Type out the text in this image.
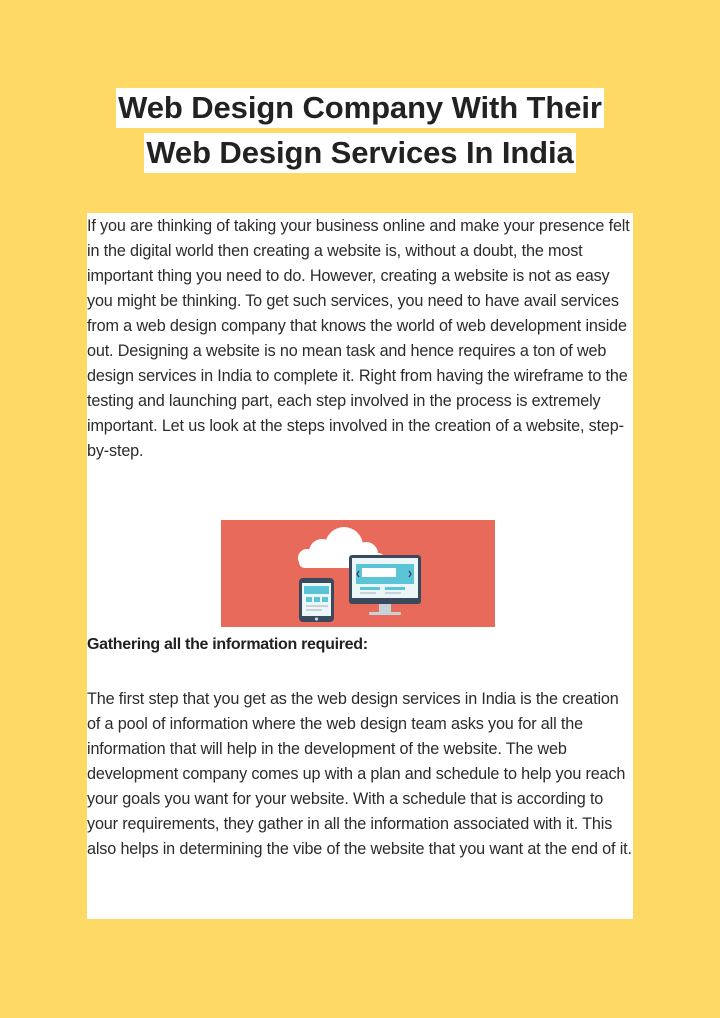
Web Design Company With Their
Web Design Services In India

If you are thinking of taking your business online and make your presence felt in the digital world then creating a website is, without a doubt, the most important thing you need to do. However, creating a website is not as easy you might be thinking. To get such services, you need to have avail services from a web design company that knows the world of web development inside out. Designing a website is no mean task and hence requires a ton of web design services in India to complete it. Right from having the wireframe to the testing and launching part, each step involved in the process is extremely important. Let us look at the steps involved in the creation of a website, step-by-step.

Gathering all the information required:

The first step that you get as the web design services in India is the creation of a pool of information where the web design team asks you for all the information that will help in the development of the website. The web development company comes up with a plan and schedule to help you reach your goals you want for your website. With a schedule that is according to your requirements, they gather in all the information associated with it. This also helps in determining the vibe of the website that you want at the end of it.
